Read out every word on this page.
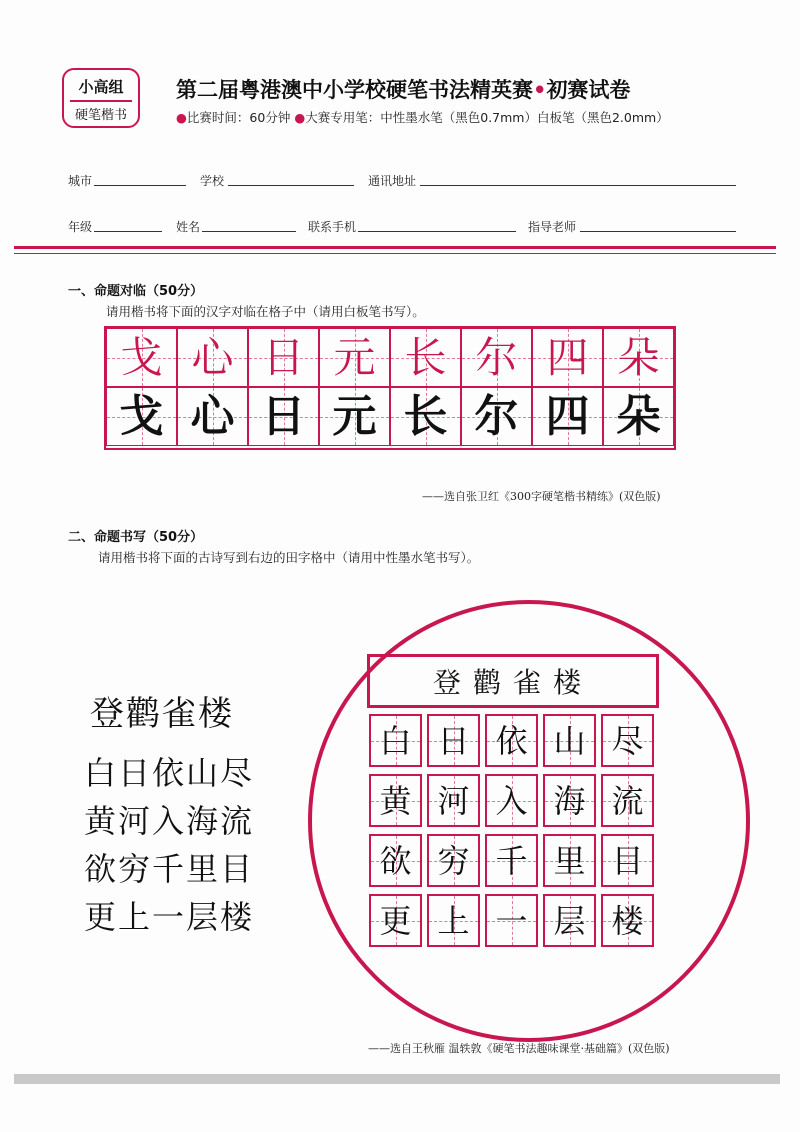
小高组
硬笔楷书
第二届粤港澳中小学校硬笔书法精英赛•初赛试卷
●比赛时间：60分钟 ●大赛专用笔：中性墨水笔（黑色0.7mm）白板笔（黑色2.0mm）
城市	学校	通讯地址
年级	姓名	联系手机	指导老师
一、命题对临（50分）
请用楷书将下面的汉字对临在格子中（请用白板笔书写）。
戈 心 日 元 长 尔 四 朵
戈 心 日 元 长 尔 四 朵
——选自张卫红《300字硬笔楷书精练》(双色版)
二、命题书写（50分）
请用楷书将下面的古诗写到右边的田字格中（请用中性墨水笔书写）。
登鹳雀楼
白日依山尽
黄河入海流
欲穷千里目
更上一层楼
登鹳雀楼
白 日 依 山 尽
黄 河 入 海 流
欲 穷 千 里 目
更 上 一 层 楼
——选自王秋雁 温轶敦《硬笔书法趣味课堂·基础篇》(双色版)
